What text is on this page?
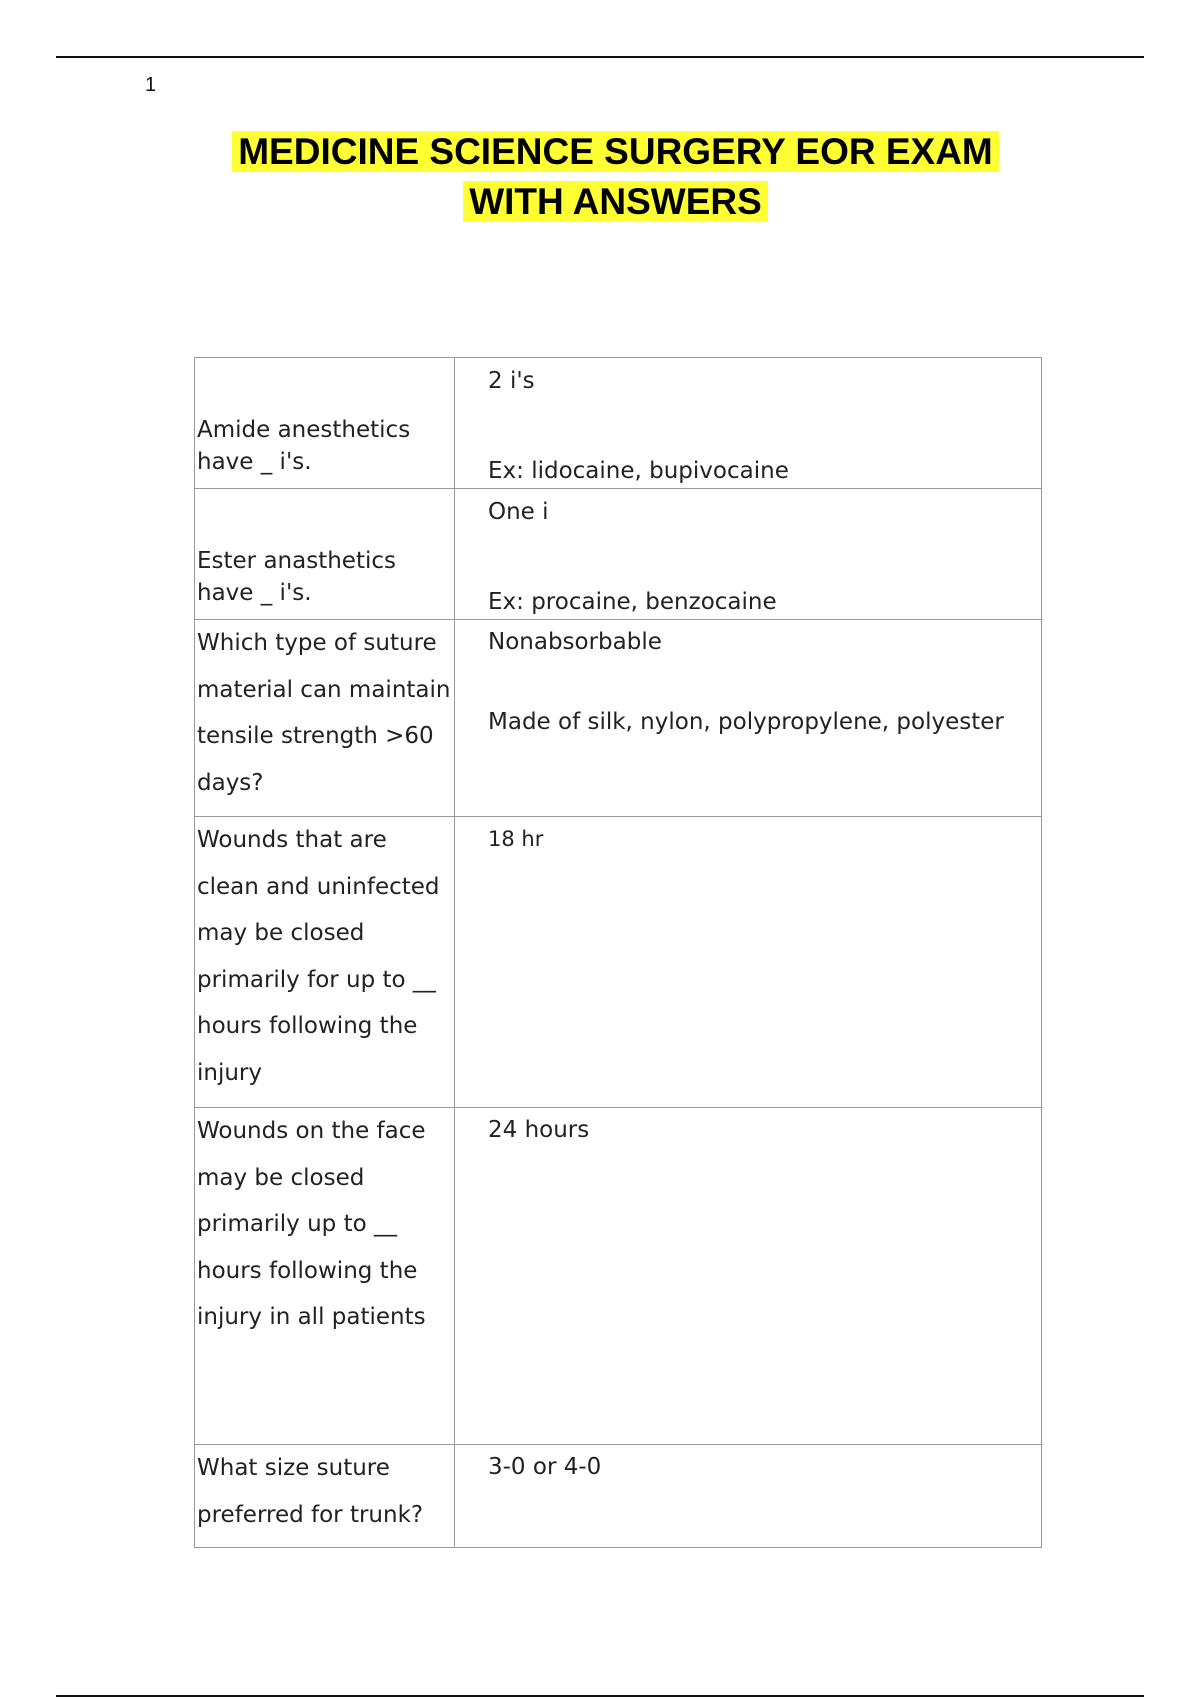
1
MEDICINE SCIENCE SURGERY EOR EXAM
WITH ANSWERS
Amide anesthetics have _ i's.	2 i's
Ex: lidocaine, bupivocaine

Ester anasthetics have _ i's.	One i
Ex: procaine, benzocaine

Which type of suture material can maintain tensile strength >60 days?	Nonabsorbable
Made of silk, nylon, polypropylene, polyester

Wounds that are clean and uninfected may be closed primarily for up to __ hours following the injury	18 hr

Wounds on the face may be closed primarily up to __ hours following the injury in all patients	24 hours

What size suture preferred for trunk?	3-0 or 4-0
